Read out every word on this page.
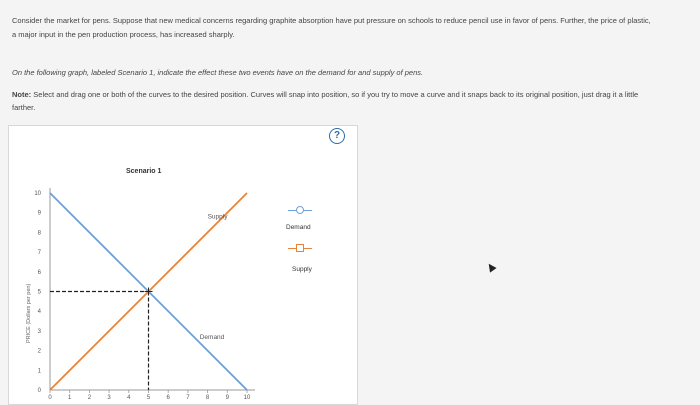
Consider the market for pens. Suppose that new medical concerns regarding graphite absorption have put pressure on schools to reduce pencil use in favor of pens. Further, the price of plastic, a major input in the pen production process, has increased sharply.
On the following graph, labeled Scenario 1, indicate the effect these two events have on the demand for and supply of pens.
Note: Select and drag one or both of the curves to the desired position. Curves will snap into position, so if you try to move a curve and it snaps back to its original position, just drag it a little farther.
?
Scenario 1
10
9
8
7
6
5
4
3
2
1
0
0	1	2	3	4	5	6	7	8	9 10
Supply
Demand
PRICE (Dollars per pen)
Demand
Supply
